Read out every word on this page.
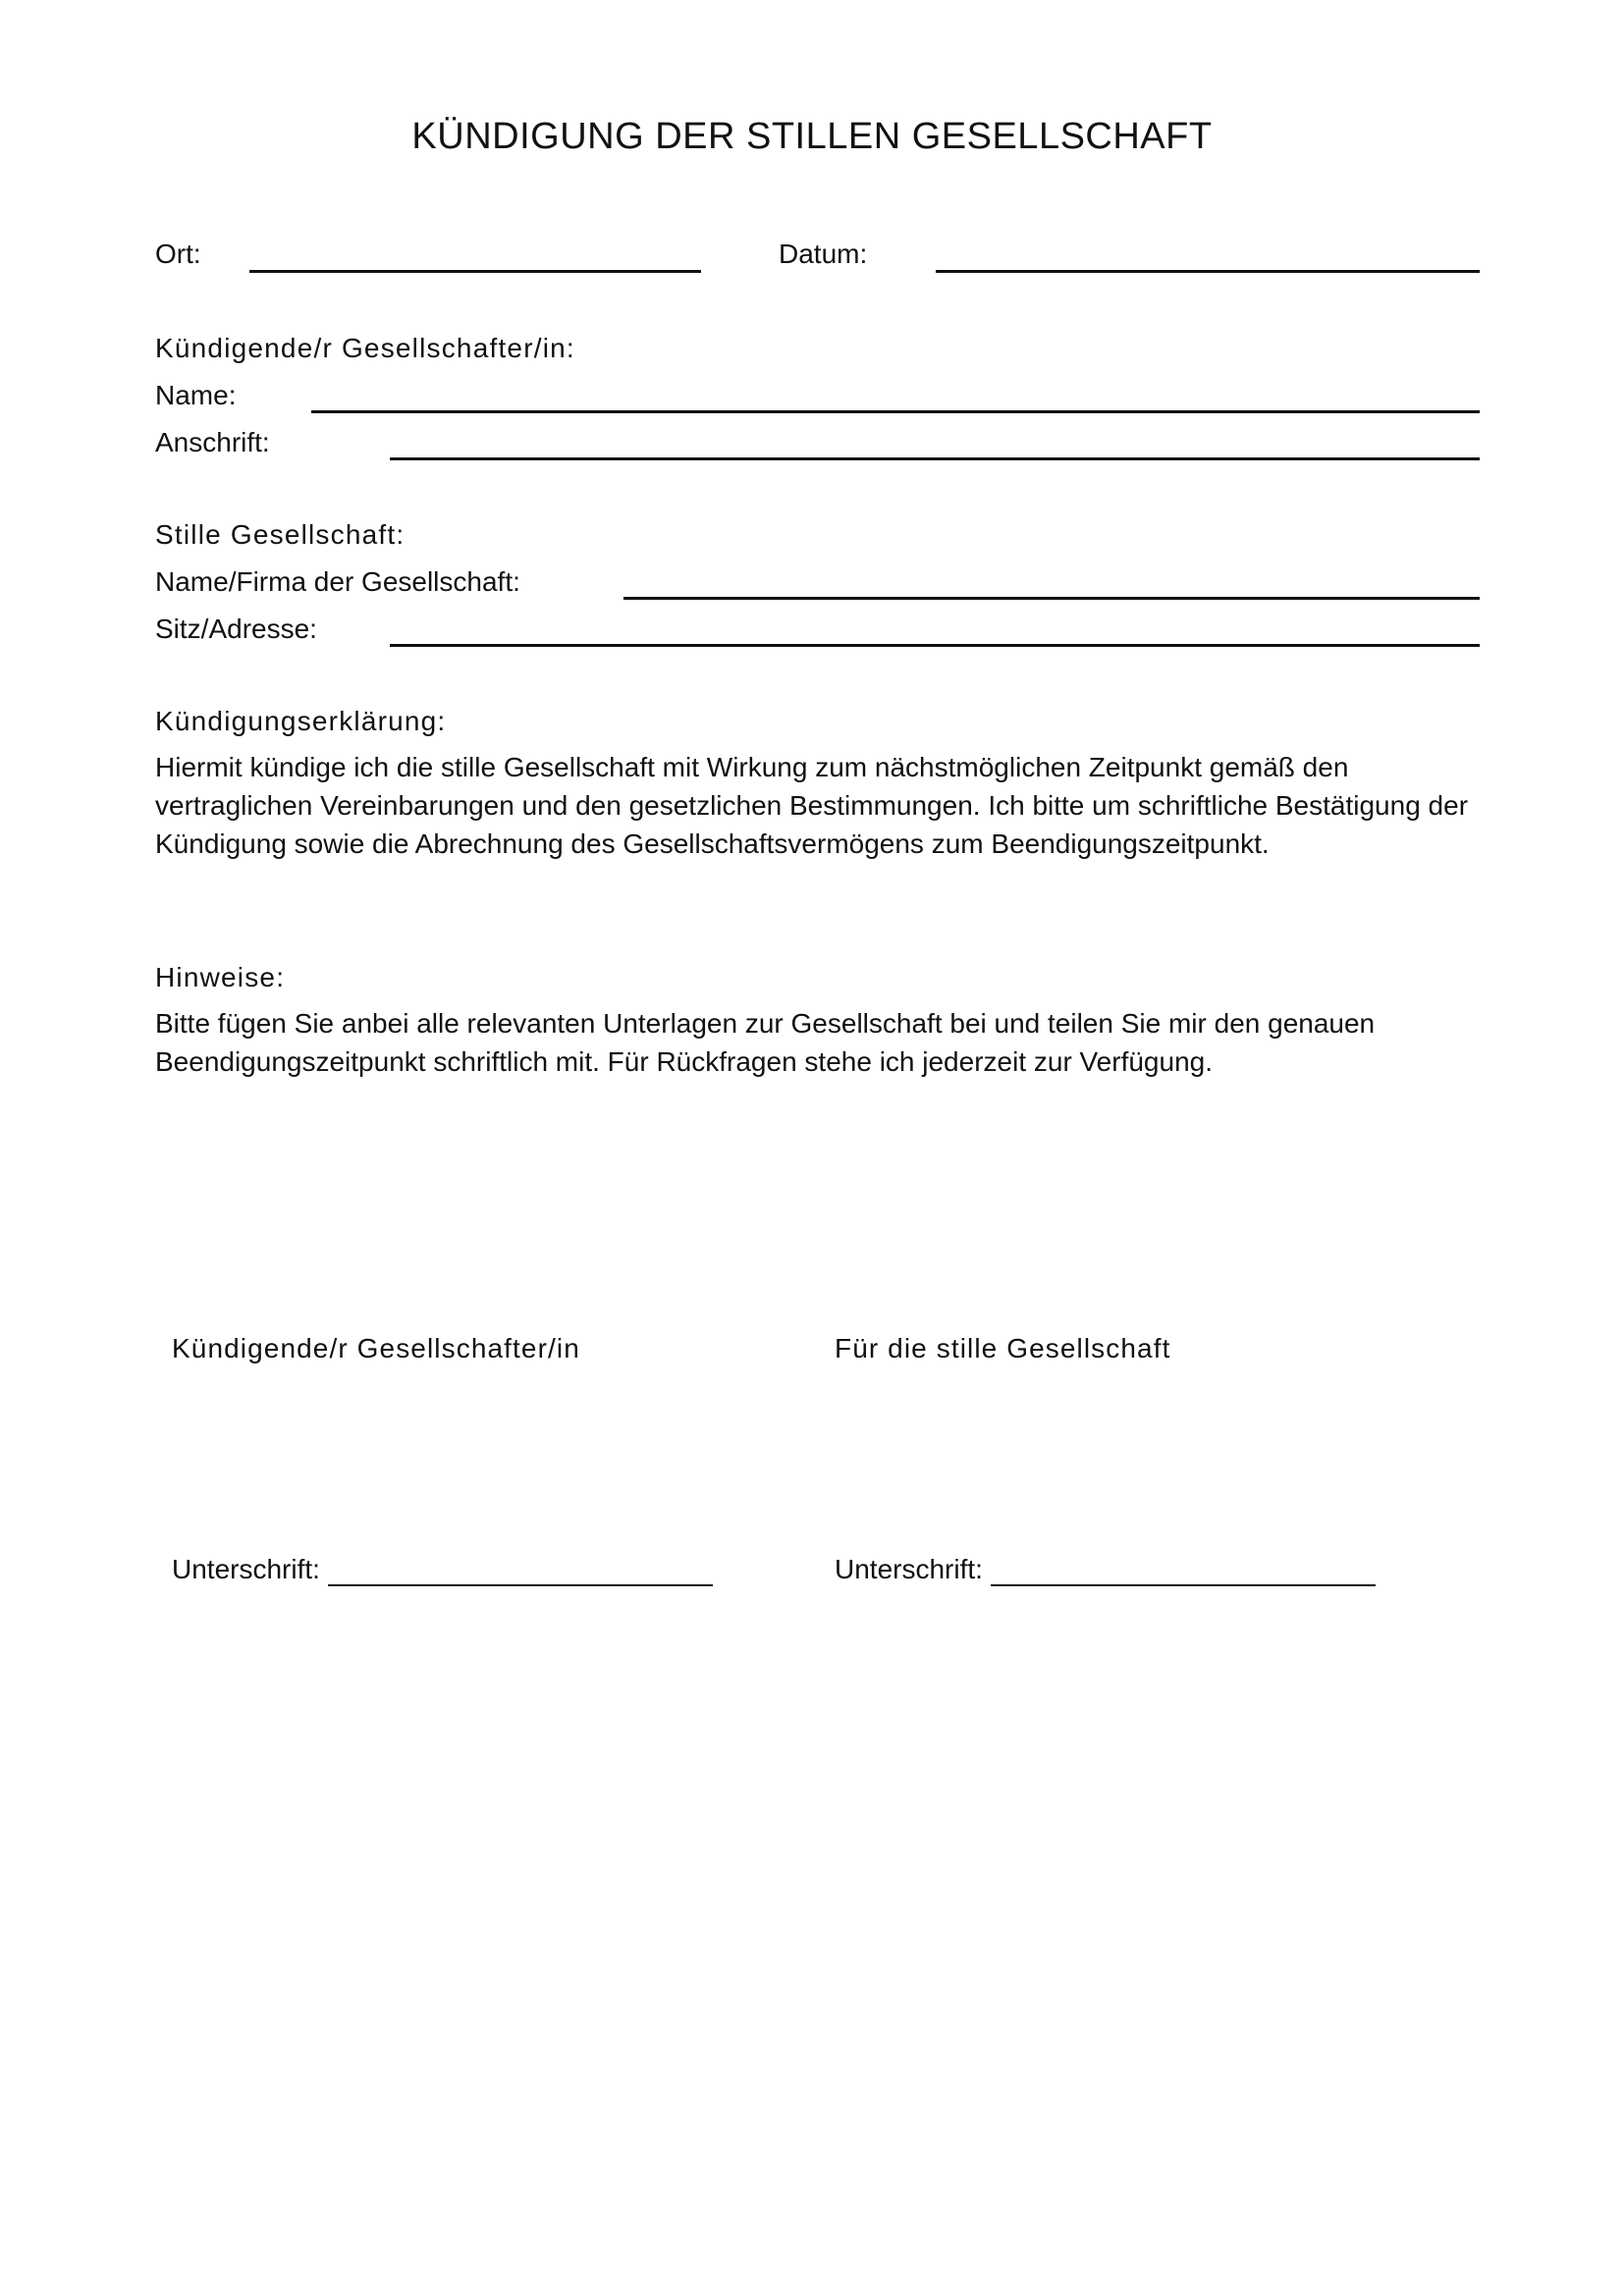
KÜNDIGUNG DER STILLEN GESELLSCHAFT
Ort:	Datum:
Kündigende/r Gesellschafter/in:
Name:
Anschrift:
Stille Gesellschaft:
Name/Firma der Gesellschaft:
Sitz/Adresse:
Kündigungserklärung:
Hiermit kündige ich die stille Gesellschaft mit Wirkung zum nächstmöglichen Zeitpunkt gemäß den vertraglichen Vereinbarungen und den gesetzlichen Bestimmungen. Ich bitte um schriftliche Bestätigung der Kündigung sowie die Abrechnung des Gesellschaftsvermögens zum Beendigungszeitpunkt.
Hinweise:
Bitte fügen Sie anbei alle relevanten Unterlagen zur Gesellschaft bei und teilen Sie mir den genauen Beendigungszeitpunkt schriftlich mit. Für Rückfragen stehe ich jederzeit zur Verfügung.
Kündigende/r Gesellschafter/in	Für die stille Gesellschaft
Unterschrift:	Unterschrift:
